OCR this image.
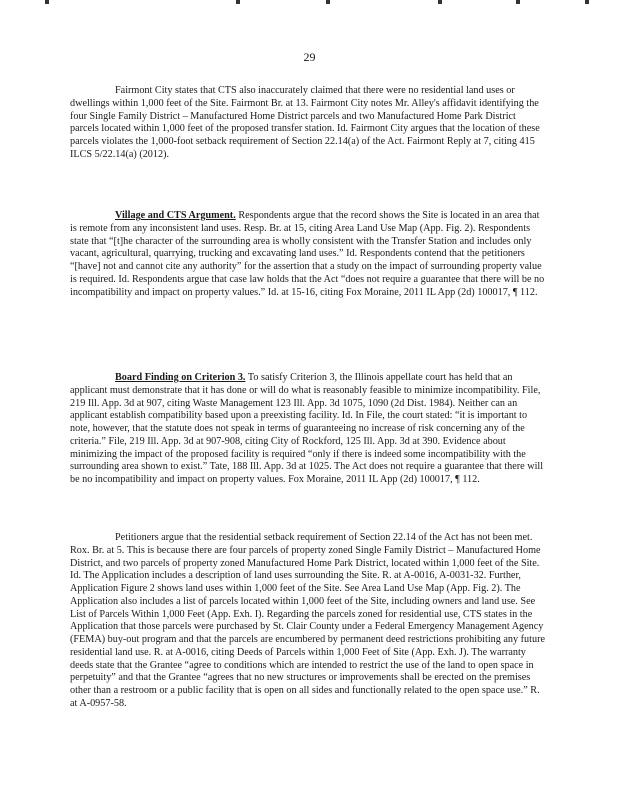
29
Fairmont City states that CTS also inaccurately claimed that there were no residential land uses or dwellings within 1,000 feet of the Site. Fairmont Br. at 13. Fairmont City notes Mr. Alley's affidavit identifying the four Single Family District – Manufactured Home District parcels and two Manufactured Home Park District parcels located within 1,000 feet of the proposed transfer station. Id. Fairmont City argues that the location of these parcels violates the 1,000-foot setback requirement of Section 22.14(a) of the Act. Fairmont Reply at 7, citing 415 ILCS 5/22.14(a) (2012).
Village and CTS Argument. Respondents argue that the record shows the Site is located in an area that is remote from any inconsistent land uses. Resp. Br. at 15, citing Area Land Use Map (App. Fig. 2). Respondents state that “[t]he character of the surrounding area is wholly consistent with the Transfer Station and includes only vacant, agricultural, quarrying, trucking and excavating land uses.” Id. Respondents contend that the petitioners “[have] not and cannot cite any authority” for the assertion that a study on the impact of surrounding property value is required. Id. Respondents argue that case law holds that the Act “does not require a guarantee that there will be no incompatibility and impact on property values.” Id. at 15-16, citing Fox Moraine, 2011 IL App (2d) 100017, ¶ 112.
Board Finding on Criterion 3. To satisfy Criterion 3, the Illinois appellate court has held that an applicant must demonstrate that it has done or will do what is reasonably feasible to minimize incompatibility. File, 219 Ill. App. 3d at 907, citing Waste Management 123 Ill. App. 3d 1075, 1090 (2d Dist. 1984). Neither can an applicant establish compatibility based upon a preexisting facility. Id. In File, the court stated: “it is important to note, however, that the statute does not speak in terms of guaranteeing no increase of risk concerning any of the criteria.” File, 219 Ill. App. 3d at 907-908, citing City of Rockford, 125 Ill. App. 3d at 390. Evidence about minimizing the impact of the proposed facility is required “only if there is indeed some incompatibility with the surrounding area shown to exist.” Tate, 188 Ill. App. 3d at 1025. The Act does not require a guarantee that there will be no incompatibility and impact on property values. Fox Moraine, 2011 IL App (2d) 100017, ¶ 112.
Petitioners argue that the residential setback requirement of Section 22.14 of the Act has not been met. Rox. Br. at 5. This is because there are four parcels of property zoned Single Family District – Manufactured Home District, and two parcels of property zoned Manufactured Home Park District, located within 1,000 feet of the Site. Id. The Application includes a description of land uses surrounding the Site. R. at A-0016, A-0031-32. Further, Application Figure 2 shows land uses within 1,000 feet of the Site. See Area Land Use Map (App. Fig. 2). The Application also includes a list of parcels located within 1,000 feet of the Site, including owners and land use. See List of Parcels Within 1,000 Feet (App. Exh. I). Regarding the parcels zoned for residential use, CTS states in the Application that those parcels were purchased by St. Clair County under a Federal Emergency Management Agency (FEMA) buy-out program and that the parcels are encumbered by permanent deed restrictions prohibiting any future residential land use. R. at A-0016, citing Deeds of Parcels within 1,000 Feet of Site (App. Exh. J). The warranty deeds state that the Grantee “agree to conditions which are intended to restrict the use of the land to open space in perpetuity” and that the Grantee “agrees that no new structures or improvements shall be erected on the premises other than a restroom or a public facility that is open on all sides and functionally related to the open space use.” R. at A-0957-58.
